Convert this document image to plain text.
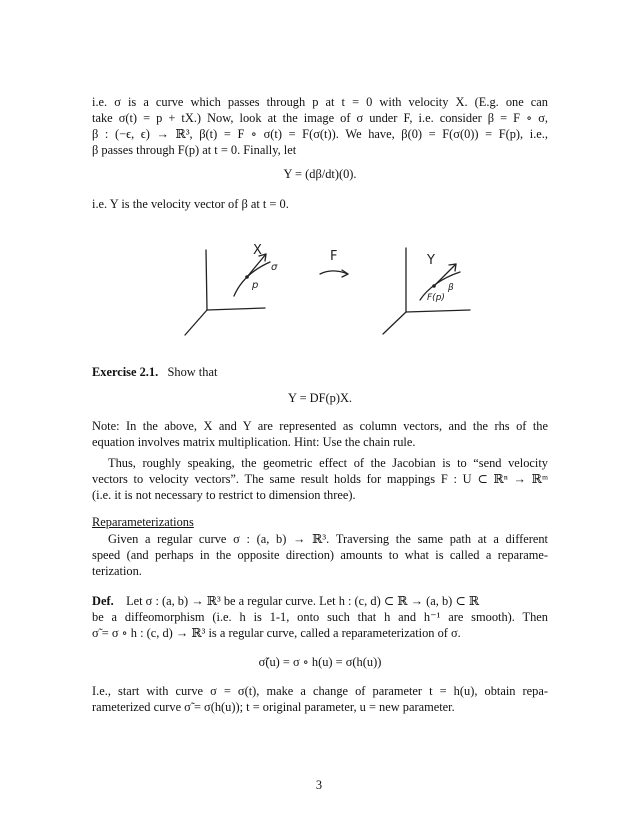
i.e. σ is a curve which passes through p at t = 0 with velocity X. (E.g. one can
take σ(t) = p + tX.) Now, look at the image of σ under F, i.e. consider β = F ∘ σ,
β : (−ϵ, ϵ) → ℝ³, β(t) = F ∘ σ(t) = F(σ(t)). We have, β(0) = F(σ(0)) = F(p), i.e.,
β passes through F(p) at t = 0. Finally, let
Y = (dβ/dt)(0).
i.e. Y is the velocity vector of β at t = 0.
X
σ
p
F	Y
F(p)
β
Exercise 2.1. Show that
Y = DF(p)X.
Note: In the above, X and Y are represented as column vectors, and the rhs of the
equation involves matrix multiplication. Hint: Use the chain rule.
Thus, roughly speaking, the geometric effect of the Jacobian is to “send velocity
vectors to velocity vectors”. The same result holds for mappings F : U ⊂ ℝⁿ → ℝᵐ
(i.e. it is not necessary to restrict to dimension three).
Reparameterizations
Given a regular curve σ : (a, b) → ℝ³. Traversing the same path at a different
speed (and perhaps in the opposite direction) amounts to what is called a reparame-
terization.
Def. Let σ : (a, b) → ℝ³ be a regular curve. Let h : (c, d) ⊂ ℝ → (a, b) ⊂ ℝ
be a diffeomorphism (i.e. h is 1-1, onto such that h and h⁻¹ are smooth). Then
σ̃ = σ ∘ h : (c, d) → ℝ³ is a regular curve, called a reparameterization of σ.
σ̃(u) = σ ∘ h(u) = σ(h(u))
I.e., start with curve σ = σ(t), make a change of parameter t = h(u), obtain repa-
rameterized curve σ̃ = σ(h(u)); t = original parameter, u = new parameter.
3
